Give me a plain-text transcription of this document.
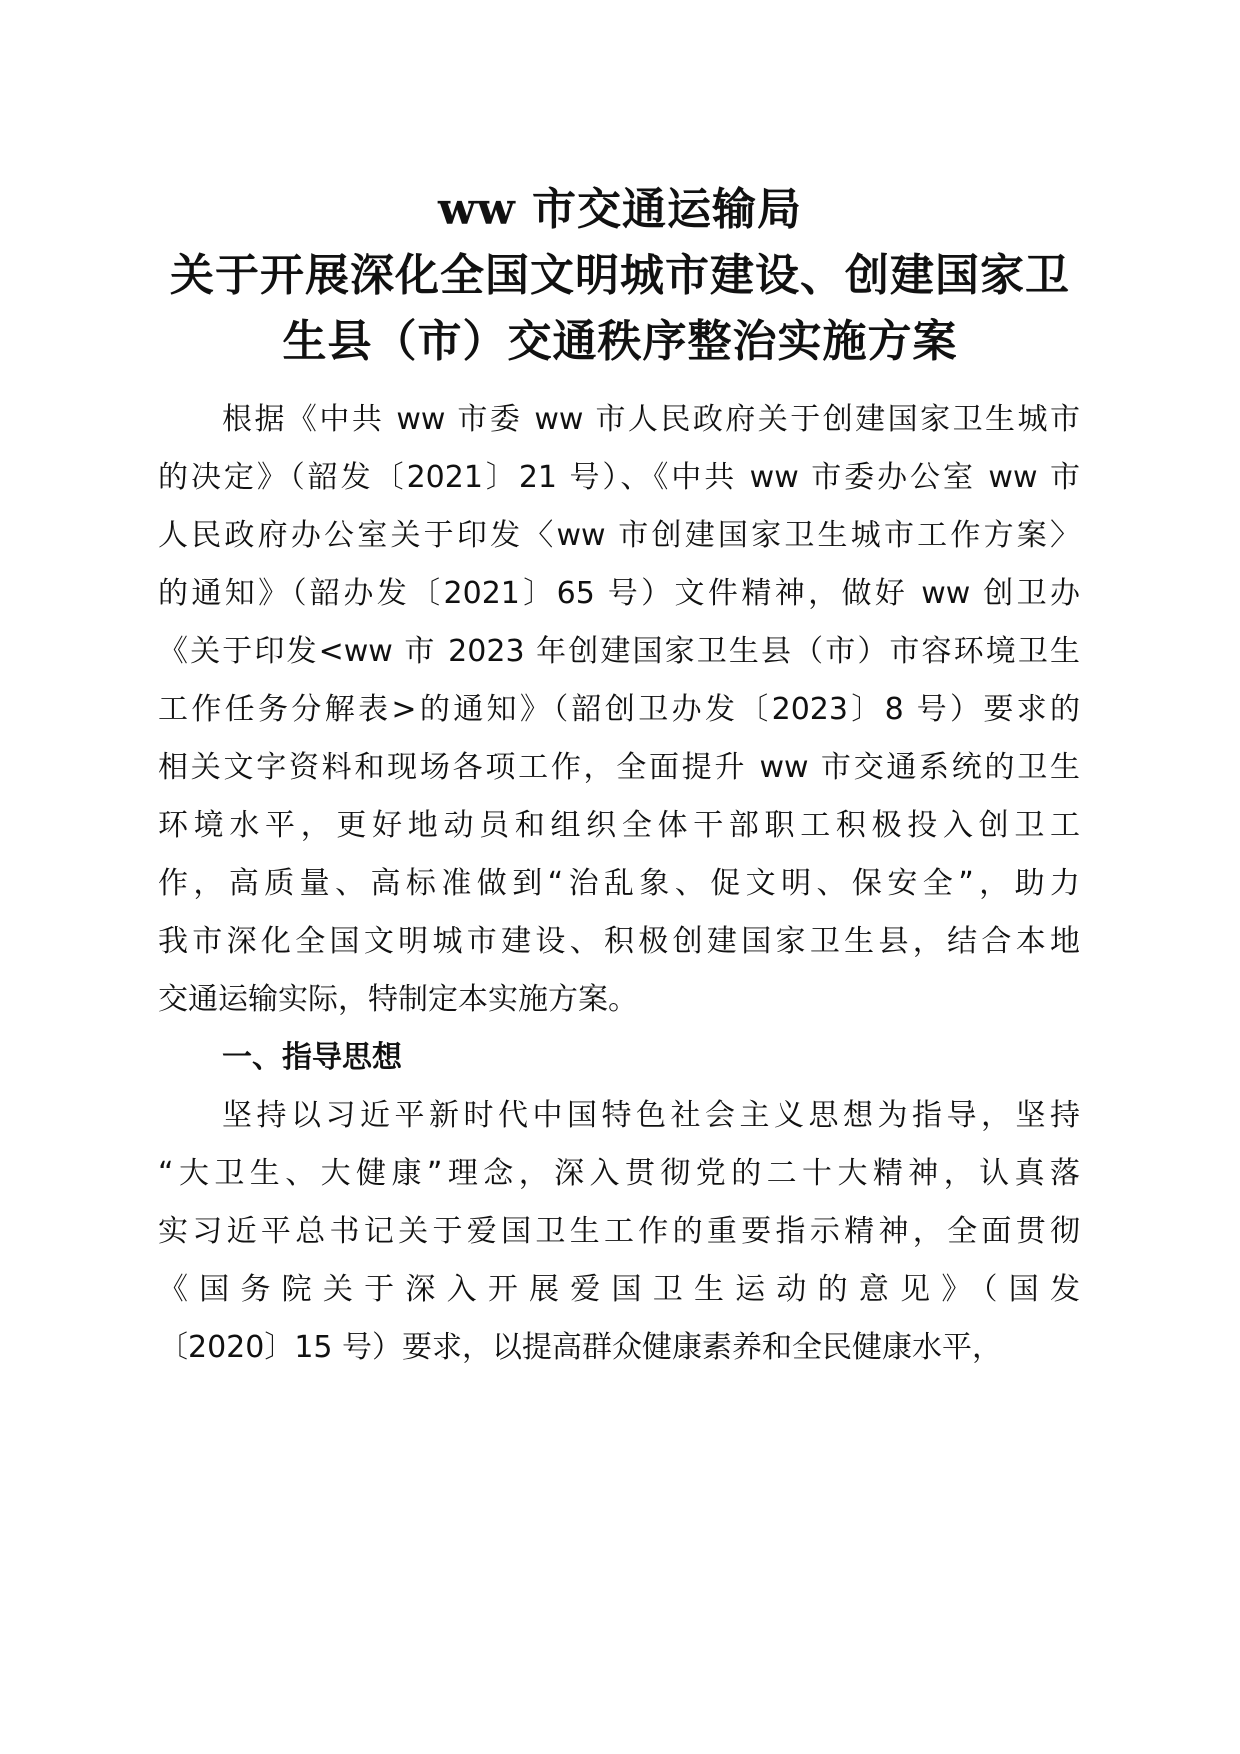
ww 市交通运输局
关于开展深化全国文明城市建设、创建国家卫
生县（市）交通秩序整治实施方案
根据《中共 ww 市委 ww 市人民政府关于创建国家卫生城市
的决定》（韶发〔2021〕21 号）、《中共 ww 市委办公室 ww 市
人民政府办公室关于印发〈ww 市创建国家卫生城市工作方案〉
的通知》（韶办发〔2021〕65 号）文件精神，做好 ww 创卫办
《关于印发<ww 市 2023 年创建国家卫生县（市）市容环境卫生
工作任务分解表>的通知》（韶创卫办发〔2023〕8 号）要求的
相关文字资料和现场各项工作，全面提升 ww 市交通系统的卫生
环境水平，更好地动员和组织全体干部职工积极投入创卫工
作，高质量、高标准做到“治乱象、促文明、保安全”，助力
我市深化全国文明城市建设、积极创建国家卫生县，结合本地
交通运输实际，特制定本实施方案。
一、指导思想
坚持以习近平新时代中国特色社会主义思想为指导，坚持
“大卫生、大健康”理念，深入贯彻党的二十大精神，认真落
实习近平总书记关于爱国卫生工作的重要指示精神，全面贯彻
《国务院关于深入开展爱国卫生运动的意见》（国发
〔2020〕15 号）要求，以提高群众健康素养和全民健康水平，
